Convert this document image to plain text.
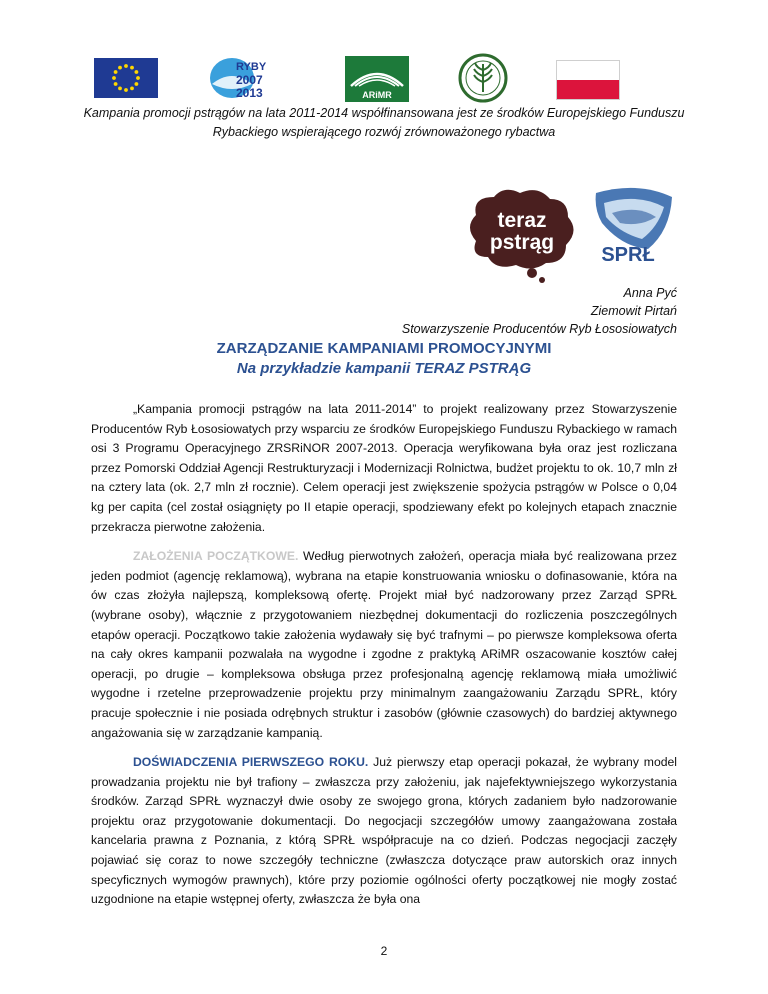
RYBY
2007
2013	ARiMR
Kampania promocji pstrągów na lata 2011-2014 współfinansowana jest ze środków Europejskiego Funduszu
Rybackiego wspierającego rozwój zrównoważonego rybactwa
teraz
pstrąg
SPRŁ
Anna Pyć
Ziemowit Pirtań
Stowarzyszenie Producentów Ryb Łososiowatych
ZARZĄDZANIE KAMPANIAMI PROMOCYJNYMI
Na przykładzie kampanii TERAZ PSTRĄG

„Kampania promocji pstrągów na lata 2011-2014” to projekt realizowany przez Stowarzyszenie Producentów Ryb Łososiowatych przy wsparciu ze środków Europejskiego Funduszu Rybackiego w ramach osi 3 Programu Operacyjnego ZRSRiNOR 2007-2013. Operacja weryfikowana była oraz jest rozliczana przez Pomorski Oddział Agencji Restrukturyzacji i Modernizacji Rolnictwa, budżet projektu to ok. 10,7 mln zł na cztery lata (ok. 2,7 mln zł rocznie). Celem operacji jest zwiększenie spożycia pstrągów w Polsce o 0,04 kg per capita (cel został osiągnięty po II etapie operacji, spodziewany efekt po kolejnych etapach znacznie przekracza pierwotne założenia.

ZAŁOŻENIA POCZĄTKOWE. Według pierwotnych założeń, operacja miała być realizowana przez jeden podmiot (agencję reklamową), wybrana na etapie konstruowania wniosku o dofinasowanie, która na ów czas złożyła najlepszą, kompleksową ofertę. Projekt miał być nadzorowany przez Zarząd SPRŁ (wybrane osoby), włącznie z przygotowaniem niezbędnej dokumentacji do rozliczenia poszczególnych etapów operacji. Początkowo takie założenia wydawały się być trafnymi – po pierwsze kompleksowa oferta na cały okres kampanii pozwalała na wygodne i zgodne z praktyką ARiMR oszacowanie kosztów całej operacji, po drugie – kompleksowa obsługa przez profesjonalną agencję reklamową miała umożliwić wygodne i rzetelne przeprowadzenie projektu przy minimalnym zaangażowaniu Zarządu SPRŁ, który pracuje społecznie i nie posiada odrębnych struktur i zasobów (głównie czasowych) do bardziej aktywnego angażowania się w zarządzanie kampanią.

DOŚWIADCZENIA PIERWSZEGO ROKU. Już pierwszy etap operacji pokazał, że wybrany model prowadzania projektu nie był trafiony – zwłaszcza przy założeniu, jak najefektywniejszego wykorzystania środków. Zarząd SPRŁ wyznaczył dwie osoby ze swojego grona, których zadaniem było nadzorowanie projektu oraz przygotowanie dokumentacji. Do negocjacji szczegółów umowy zaangażowana została kancelaria prawna z Poznania, z którą SPRŁ współpracuje na co dzień. Podczas negocjacji zaczęły pojawiać się coraz to nowe szczegóły techniczne (zwłaszcza dotyczące praw autorskich oraz innych specyficznych wymogów prawnych), które przy poziomie ogólności oferty początkowej nie mogły zostać uzgodnione na etapie wstępnej oferty, zwłaszcza że była ona

2
